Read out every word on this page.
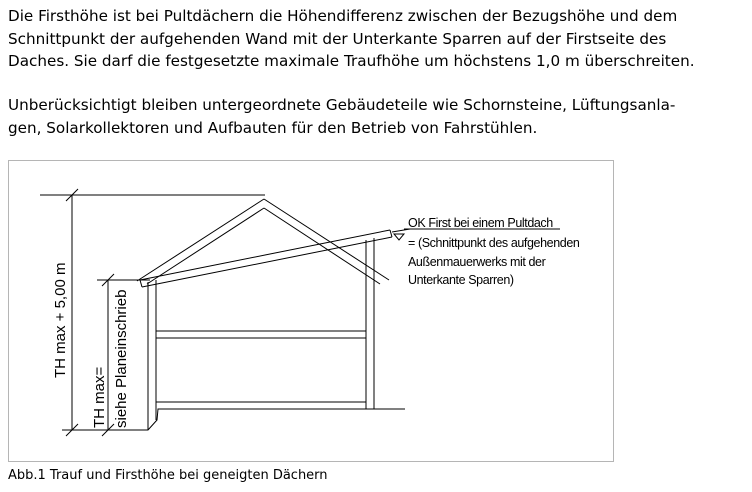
Die Firsthöhe ist bei Pultdächern die Höhendifferenz zwischen der Bezugshöhe und dem
Schnittpunkt der aufgehenden Wand mit der Unterkante Sparren auf der Firstseite des
Daches. Sie darf die festgesetzte maximale Traufhöhe um höchstens 1,0 m überschreiten.
Unberücksichtigt bleiben untergeordnete Gebäudeteile wie Schornsteine, Lüftungsanla-
gen, Solarkollektoren und Aufbauten für den Betrieb von Fahrstühlen.
TH max + 5,00 m
TH max= siehe Planeinschrieb
OK First bei einem Pultdach
= (Schnittpunkt des aufgehenden
Außenmauerwerks mit der
Unterkante Sparren)
Abb.1 Trauf und Firsthöhe bei geneigten Dächern
